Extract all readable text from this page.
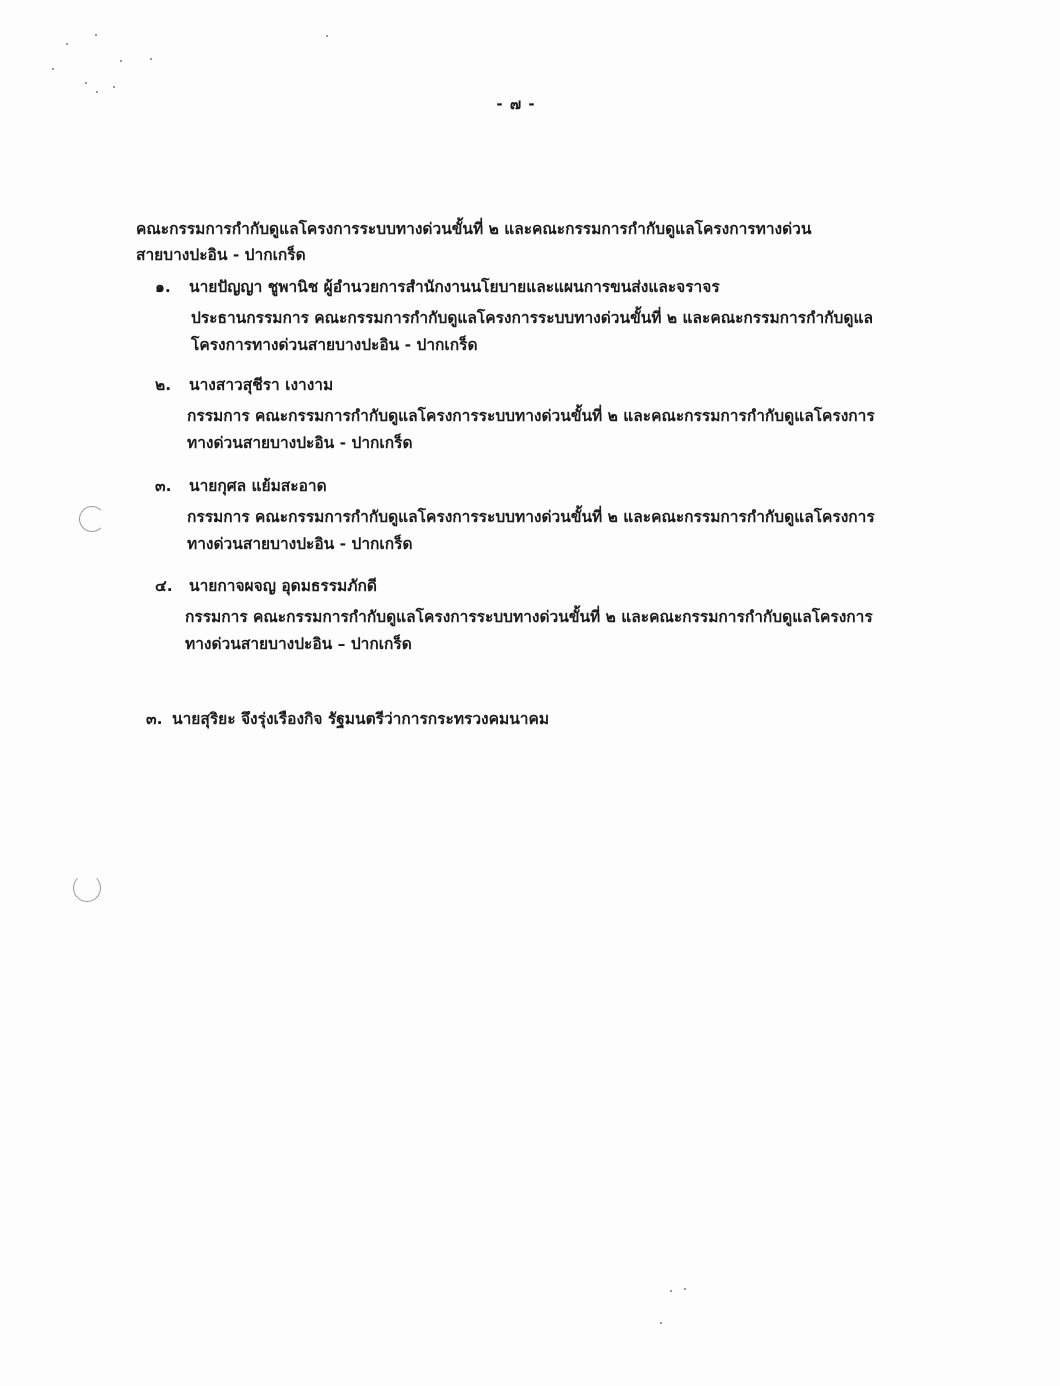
- ๗ -
คณะกรรมการกำกับดูแลโครงการระบบทางด่วนขั้นที่ ๒ และคณะกรรมการกำกับดูแลโครงการทางด่วน
สายบางปะอิน - ปากเกร็ด
๑. นายปัญญา ชูพานิช ผู้อำนวยการสำนักงานนโยบายและแผนการขนส่งและจราจร
ประธานกรรมการ คณะกรรมการกำกับดูแลโครงการระบบทางด่วนขั้นที่ ๒ และคณะกรรมการกำกับดูแล
โครงการทางด่วนสายบางปะอิน - ปากเกร็ด
๒. นางสาวสุชีรา เงางาม
กรรมการ คณะกรรมการกำกับดูแลโครงการระบบทางด่วนขั้นที่ ๒ และคณะกรรมการกำกับดูแลโครงการ
ทางด่วนสายบางปะอิน - ปากเกร็ด
๓. นายกุศล แย้มสะอาด
กรรมการ คณะกรรมการกำกับดูแลโครงการระบบทางด่วนขั้นที่ ๒ และคณะกรรมการกำกับดูแลโครงการ
ทางด่วนสายบางปะอิน - ปากเกร็ด
๔. นายกาจผจญ อุดมธรรมภักดี
กรรมการ คณะกรรมการกำกับดูแลโครงการระบบทางด่วนขั้นที่ ๒ และคณะกรรมการกำกับดูแลโครงการ
ทางด่วนสายบางปะอิน – ปากเกร็ด
๓. นายสุริยะ จึงรุ่งเรืองกิจ รัฐมนตรีว่าการกระทรวงคมนาคม
